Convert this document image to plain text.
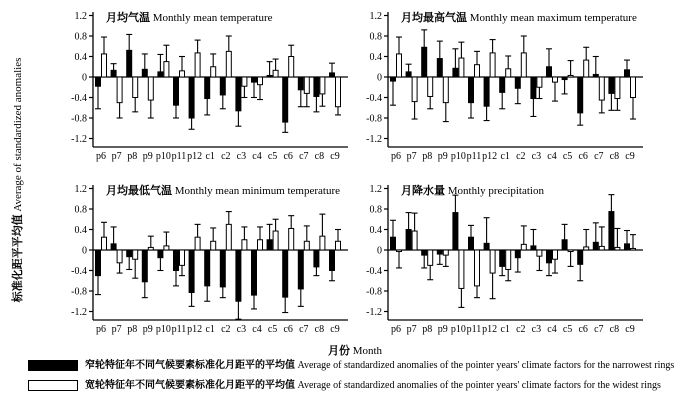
标准化距平平均值 Average of standardized anomalies
1.2
0.8
0.4
0
-0.4
-0.8
-1.2
p6 p7 p8 p9 p10 p11 p12 c1 c2 c3 c4 c5 c6 c7 c8 c9
月均气温 Monthly mean temperature	1.2
0.8
0.4
0
-0.4
-0.8
-1.2
p6 p7 p8 p9 p10 p11 p12 c1 c2 c3 c4 c5 c6 c7 c8 c9
月均最高气温 Monthly mean maximum temperature
1.2
0.8
0.4
0
-0.4
-0.8
-1.2
p6 p7 p8 p9 p10 p11 p12 c1 c2 c3 c4 c5 c6 c7 c8 c9
月均最低气温 Monthly mean minimum temperature	1.2
0.8
0.4
0
-0.4
-0.8
-1.2
p6 p7 p8 p9 p10 p11 p12 c1 c2 c3 c4 c5 c6 c7 c8 c9
月降水量 Monthly precipitation
月份 Month
窄轮特征年不同气候要素标准化月距平的平均值 Average of standardized anomalies of the pointer years' climate factors for the narrowest rings
宽轮特征年不同气候要素标准化月距平的平均值 Average of standardized anomalies of the pointer years' climate factors for the widest rings
